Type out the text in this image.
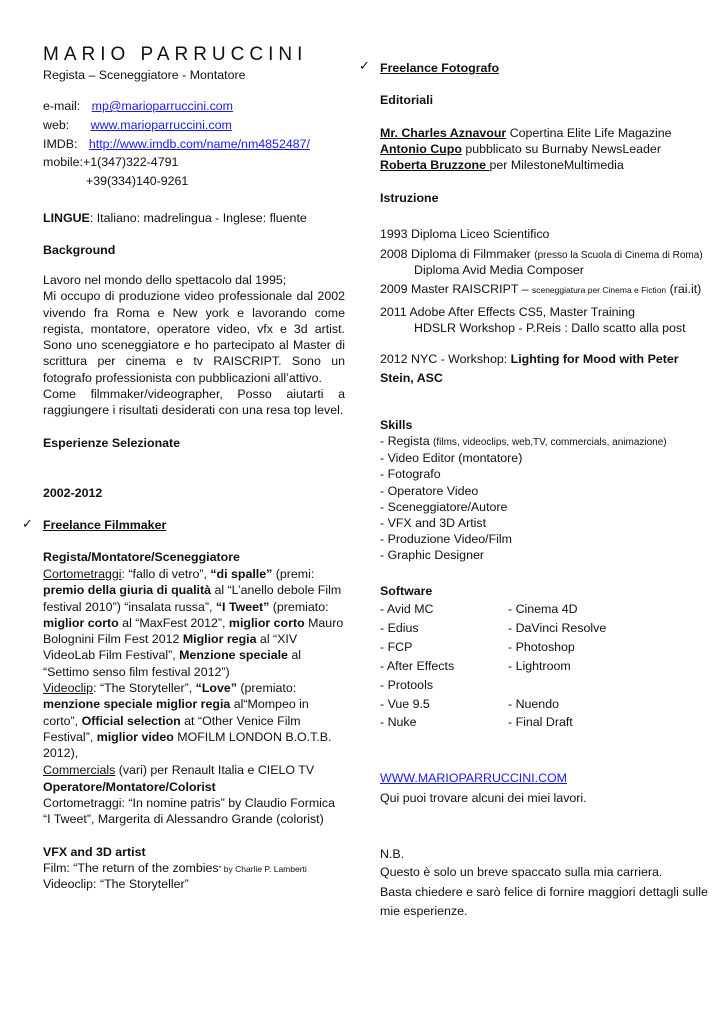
MARIO PARRUCCINI
Regista – Sceneggiatore - Montatore
e-mail: mp@marioparruccini.com
web: www.marioparruccini.com
IMDB: http://www.imdb.com/name/nm4852487/
mobile:+1(347)322-4791
+39(334)140-9261
LINGUE: Italiano: madrelingua - Inglese: fluente
Background

Lavoro nel mondo dello spettacolo dal 1995;

Mi occupo di produzione video professionale dal 2002 vivendo fra Roma e New york e lavorando come regista, montatore, operatore video, vfx e 3d artist. Sono uno sceneggiatore e ho partecipato al Master di scrittura per cinema e tv RAISCRIPT. Sono un fotografo professionista con pubblicazioni all’attivo.

Come filmmaker/videographer, Posso aiutarti a raggiungere i risultati desiderati con una resa top level.

Esperienze Selezionate
2002-2012
✓ Freelance Filmmaker
Regista/Montatore/Sceneggiatore
Cortometraggi: “fallo di vetro”, “di spalle” (premi: premio della giuria di qualità al “L’anello debole Film festival 2010”) “insalata russa”, “I Tweet” (premiato: miglior corto al “MaxFest 2012”, miglior corto Mauro Bolognini Film Fest 2012 Miglior regia al “XIV VideoLab Film Festival”, Menzione speciale al “Settimo senso film festival 2012”)
Videoclip: “The Storyteller”, “Love” (premiato: menzione speciale miglior regia al“Mompeo in corto”, Official selection at “Other Venice Film Festival”, miglior video MOFILM LONDON B.O.T.B. 2012),
Commercials (vari) per Renault Italia e CIELO TV
Operatore/Montatore/Colorist
Cortometraggi: “In nomine patris” by Claudio Formica
“I Tweet”, Margerita di Alessandro Grande (colorist)
VFX and 3D artist
Film: “The return of the zombies” by Charlie P. Lamberti
Videoclip: “The Storyteller”
✓ Freelance Fotografo
Editoriali
Mr. Charles Aznavour Copertina Elite Life Magazine
Antonio Cupo pubblicato su Burnaby NewsLeader
Roberta Bruzzone per MilestoneMultimedia
Istruzione
1993 Diploma Liceo Scientifico
2008 Diploma di Filmmaker (presso la Scuola di Cinema di Roma)
Diploma Avid Media Composer
2009 Master RAISCRIPT – sceneggiatura per Cinema e Fiction (rai.it)
2011 Adobe After Effects CS5, Master Training
HDSLR Workshop - P.Reis : Dallo scatto alla post
2012 NYC - Workshop: Lighting for Mood with Peter
Stein, ASC
Skills
- Regista (films, videoclips, web,TV, commercials, animazione)
- Video Editor (montatore)
- Fotografo
- Operatore Video
- Sceneggiatore/Autore
- VFX and 3D Artist
- Produzione Video/Film
- Graphic Designer
Software
- Avid MC
- Edius
- FCP
- After Effects
- Protools
- Vue 9.5
- Nuke
- Cinema 4D
- DaVinci Resolve
- Photoshop
- Lightroom
- Nuendo
- Final Draft
WWW.MARIOPARRUCCINI.COM
Qui puoi trovare alcuni dei miei lavori.
N.B.
Questo è solo un breve spaccato sulla mia carriera.
Basta chiedere e sarò felice di fornire maggiori dettagli sulle mie esperienze.
